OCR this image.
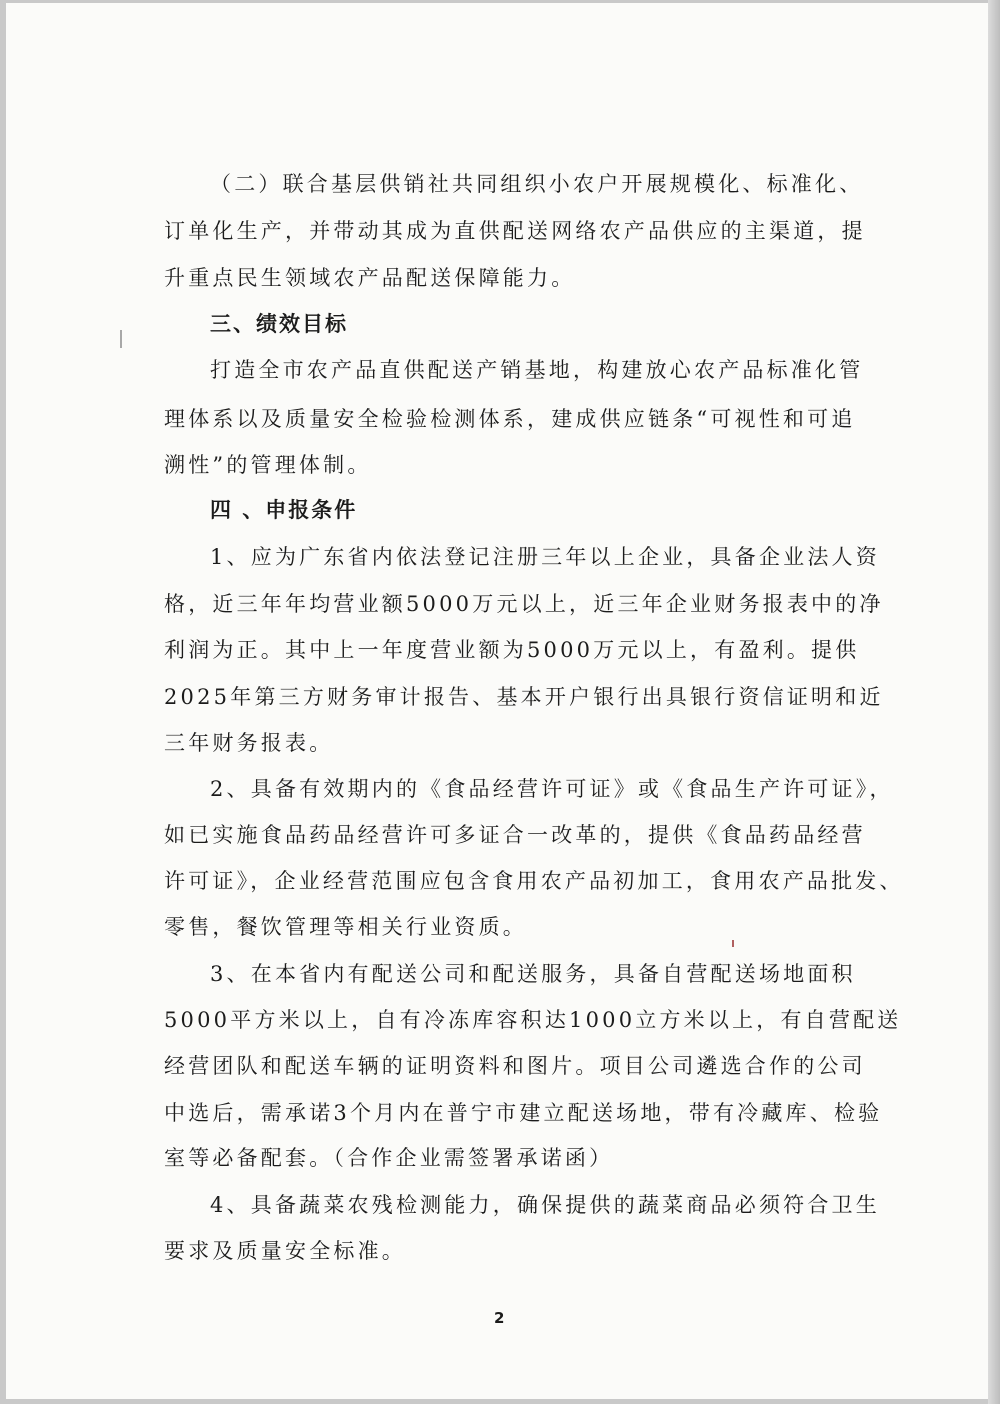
（二）联合基层供销社共同组织小农户开展规模化、标准化、
订单化生产，并带动其成为直供配送网络农产品供应的主渠道，提
升重点民生领域农产品配送保障能力。
三、绩效目标
打造全市农产品直供配送产销基地，构建放心农产品标准化管
理体系以及质量安全检验检测体系，建成供应链条“可视性和可追
溯性”的管理体制。
四 、申报条件
1、应为广东省内依法登记注册三年以上企业，具备企业法人资
格，近三年年均营业额5000万元以上，近三年企业财务报表中的净
利润为正。其中上一年度营业额为5000万元以上，有盈利。提供
2025年第三方财务审计报告、基本开户银行出具银行资信证明和近
三年财务报表。
2、具备有效期内的《食品经营许可证》或《食品生产许可证》，
如已实施食品药品经营许可多证合一改革的，提供《食品药品经营
许可证》，企业经营范围应包含食用农产品初加工，食用农产品批发、
零售，餐饮管理等相关行业资质。
3、在本省内有配送公司和配送服务，具备自营配送场地面积
5000平方米以上，自有冷冻库容积达1000立方米以上，有自营配送
经营团队和配送车辆的证明资料和图片。项目公司遴选合作的公司
中选后，需承诺3个月内在普宁市建立配送场地，带有冷藏库、检验
室等必备配套。（合作企业需签署承诺函）
4、具备蔬菜农残检测能力，确保提供的蔬菜商品必须符合卫生
要求及质量安全标准。
2
